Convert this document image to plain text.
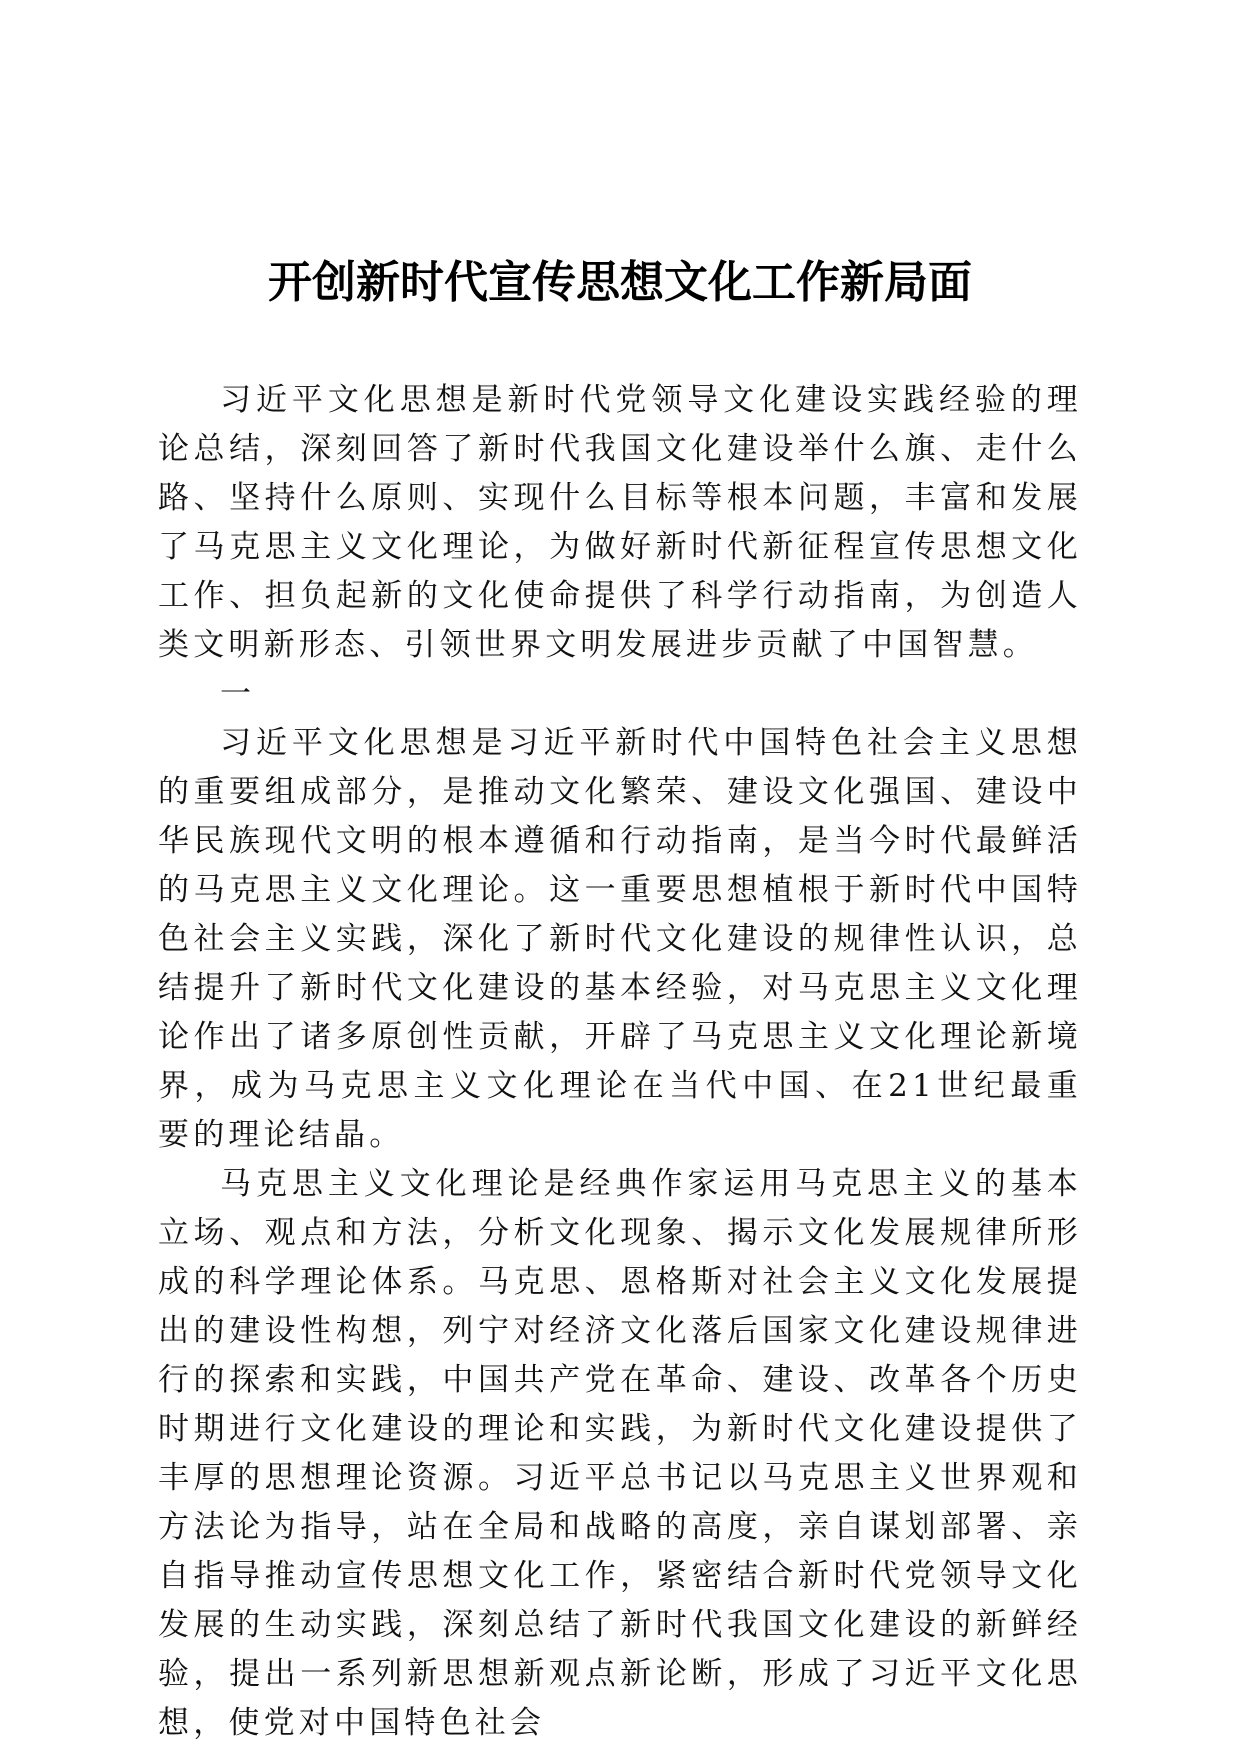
开创新时代宣传思想文化工作新局面

习近平文化思想是新时代党领导文化建设实践经验的理论总结，深刻回答了新时代我国文化建设举什么旗、走什么路、坚持什么原则、实现什么目标等根本问题，丰富和发展了马克思主义文化理论，为做好新时代新征程宣传思想文化工作、担负起新的文化使命提供了科学行动指南，为创造人类文明新形态、引领世界文明发展进步贡献了中国智慧。

一

习近平文化思想是习近平新时代中国特色社会主义思想的重要组成部分，是推动文化繁荣、建设文化强国、建设中华民族现代文明的根本遵循和行动指南，是当今时代最鲜活的马克思主义文化理论。这一重要思想植根于新时代中国特色社会主义实践，深化了新时代文化建设的规律性认识，总结提升了新时代文化建设的基本经验，对马克思主义文化理论作出了诸多原创性贡献，开辟了马克思主义文化理论新境界，成为马克思主义文化理论在当代中国、在21世纪最重要的理论结晶。

马克思主义文化理论是经典作家运用马克思主义的基本立场、观点和方法，分析文化现象、揭示文化发展规律所形成的科学理论体系。马克思、恩格斯对社会主义文化发展提出的建设性构想，列宁对经济文化落后国家文化建设规律进行的探索和实践，中国共产党在革命、建设、改革各个历史时期进行文化建设的理论和实践，为新时代文化建设提供了丰厚的思想理论资源。习近平总书记以马克思主义世界观和方法论为指导，站在全局和战略的高度，亲自谋划部署、亲自指导推动宣传思想文化工作，紧密结合新时代党领导文化发展的生动实践，深刻总结了新时代我国文化建设的新鲜经验，提出一系列新思想新观点新论断，形成了习近平文化思想，使党对中国特色社会
